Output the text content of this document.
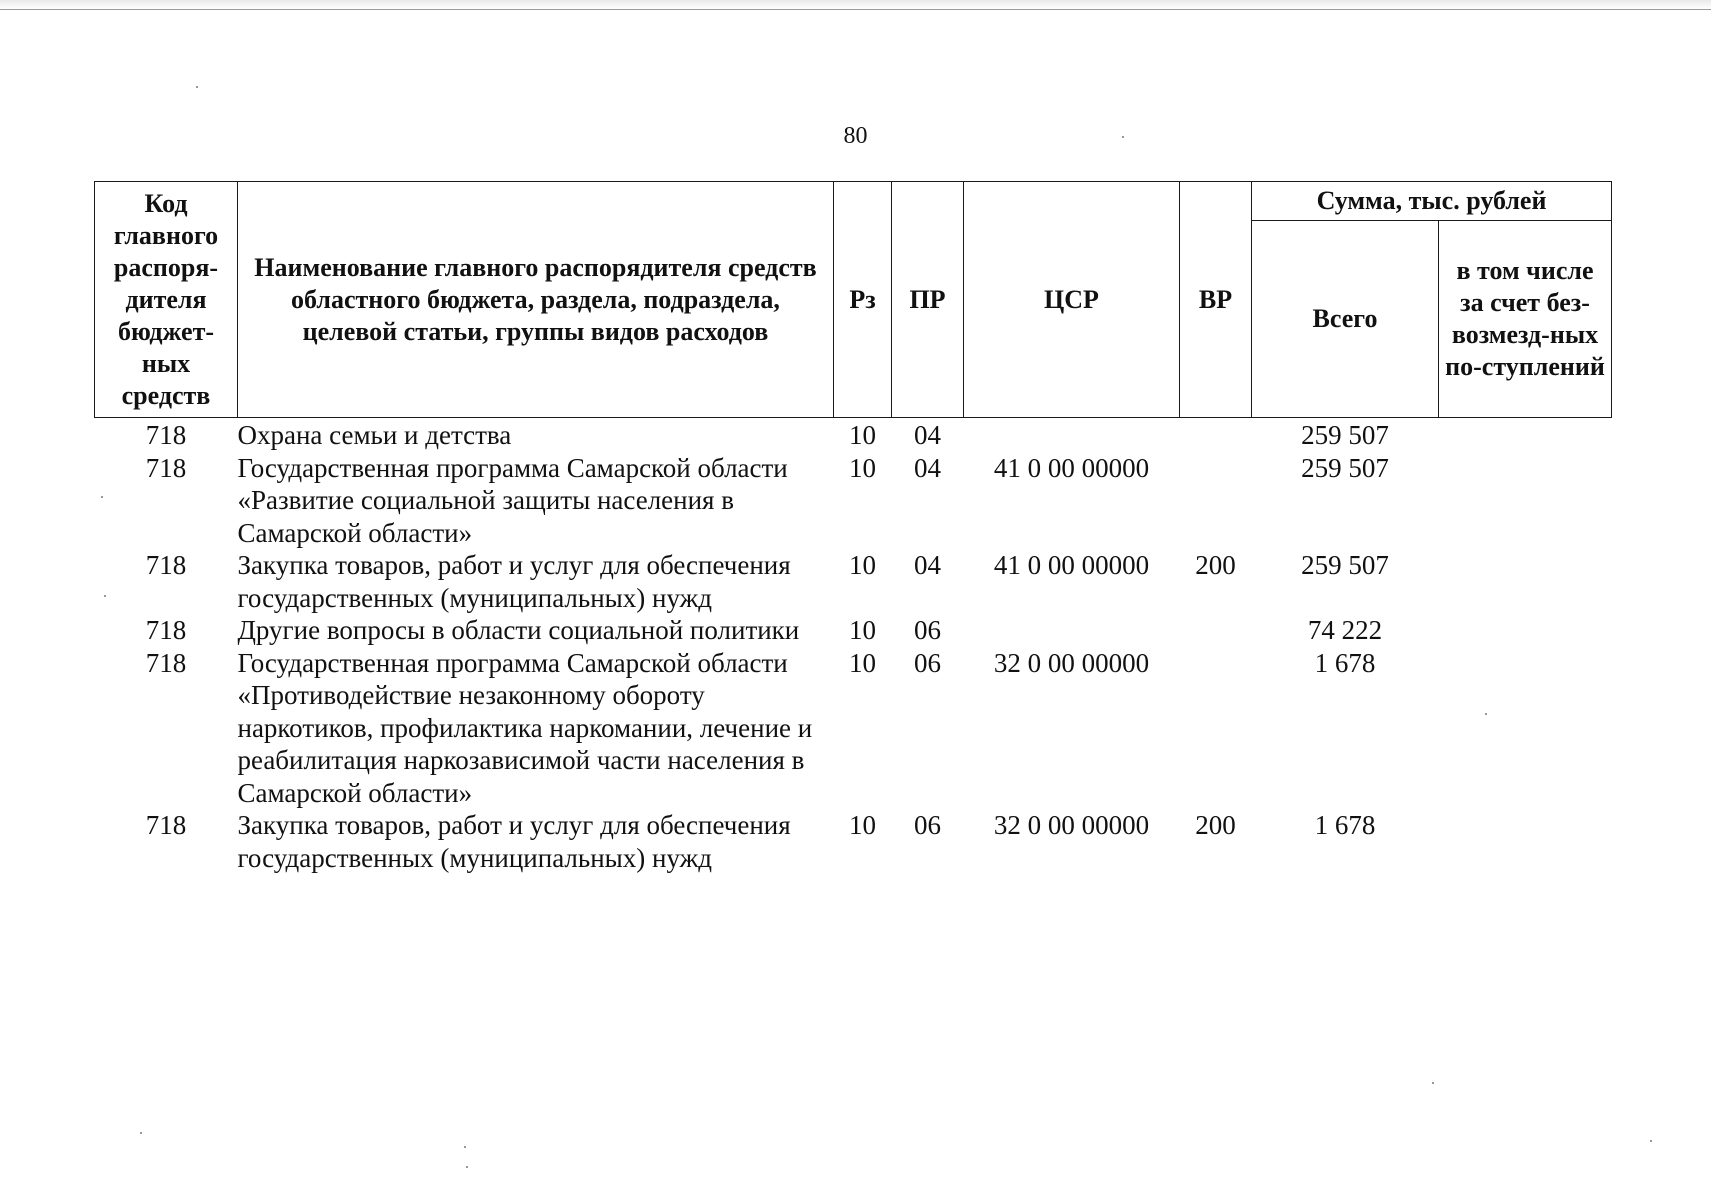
80
Код главного распоря-дителя бюджет-ных средств	Наименование главного распорядителя средств областного бюджета, раздела, подраздела, целевой статьи, группы видов расходов	Рз	ПР	ЦСР	ВР	Сумма, тыс. рублей	
						Всего	в том числе за счет без-возмезд-ных по-ступлений
718	Охрана семьи и детства	10	04			259 507	
718	Государственная программа Самарской области «Развитие социальной защиты населения в Самарской области»	10	04	41 0 00 00000		259 507	
718	Закупка товаров, работ и услуг для обеспечения государственных (муниципальных) нужд	10	04	41 0 00 00000	200	259 507	
718	Другие вопросы в области социальной политики	10	06			74 222	
718	Государственная программа Самарской области «Противодействие незаконному обороту наркотиков, профилактика наркомании, лечение и реабилитация наркозависимой части населения в Самарской области»	10	06	32 0 00 00000		1 678	
718	Закупка товаров, работ и услуг для обеспечения государственных (муниципальных) нужд	10	06	32 0 00 00000	200	1 678	
